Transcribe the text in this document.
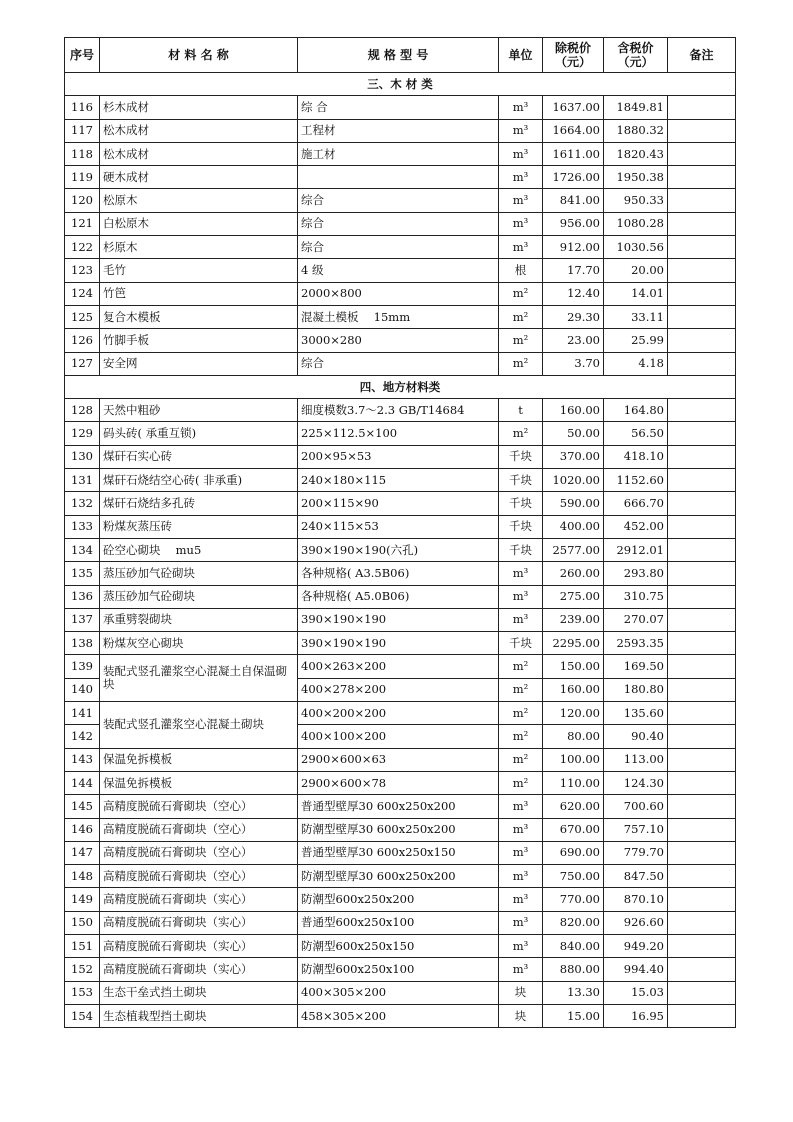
序号	材 料 名 称	规 格 型 号	单位	除税价（元）	含税价（元）	备注
三、木 材 类						
116	杉木成材	综 合	m³	1637.00	1849.81	
117	松木成材	工程材	m³	1664.00	1880.32	
118	松木成材	施工材	m³	1611.00	1820.43	
119	硬木成材		m³	1726.00	1950.38	
120	松原木	综合	m³	841.00	950.33	
121	白松原木	综合	m³	956.00	1080.28	
122	杉原木	综合	m³	912.00	1030.56	
123	毛竹	4 级	根	17.70	20.00	
124	竹笆	2000×800	m²	12.40	14.01	
125	复合木模板	混凝土模板　 15mm	m²	29.30	33.11	
126	竹脚手板	3000×280	m²	23.00	25.99	
127	安全网	综合	m²	3.70	4.18	
四、地方材料类						
128	天然中粗砂	细度模数3.7～2.3 GB/T14684	t	160.00	164.80	
129	码头砖( 承重互锁)	225×112.5×100	m²	50.00	56.50	
130	煤矸石实心砖	200×95×53	千块	370.00	418.10	
131	煤矸石烧结空心砖( 非承重)	240×180×115	千块	1020.00	1152.60	
132	煤矸石烧结多孔砖	200×115×90	千块	590.00	666.70	
133	粉煤灰蒸压砖	240×115×53	千块	400.00	452.00	
134	砼空心砌块　 mu5	390×190×190(六孔)	千块	2577.00	2912.01	
135	蒸压砂加气砼砌块	各种规格( A3.5B06)	m³	260.00	293.80	
136	蒸压砂加气砼砌块	各种规格( A5.0B06)	m³	275.00	310.75	
137	承重劈裂砌块	390×190×190	m³	239.00	270.07	
138	粉煤灰空心砌块	390×190×190	千块	2295.00	2593.35	
139	装配式竖孔灌浆空心混凝土自保温砌块	400×263×200	m²	150.00	169.50	
140		400×278×200	m²	160.00	180.80	
141	装配式竖孔灌浆空心混凝土砌块	400×200×200	m²	120.00	135.60	
142		400×100×200	m²	80.00	90.40	
143	保温免拆模板	2900×600×63	m²	100.00	113.00	
144	保温免拆模板	2900×600×78	m²	110.00	124.30	
145	高精度脱硫石膏砌块（空心）	普通型壁厚30 600x250x200	m³	620.00	700.60	
146	高精度脱硫石膏砌块（空心）	防潮型壁厚30 600x250x200	m³	670.00	757.10	
147	高精度脱硫石膏砌块（空心）	普通型壁厚30 600x250x150	m³	690.00	779.70	
148	高精度脱硫石膏砌块（空心）	防潮型壁厚30 600x250x200	m³	750.00	847.50	
149	高精度脱硫石膏砌块（实心）	防潮型600x250x200	m³	770.00	870.10	
150	高精度脱硫石膏砌块（实心）	普通型600x250x100	m³	820.00	926.60	
151	高精度脱硫石膏砌块（实心）	防潮型600x250x150	m³	840.00	949.20	
152	高精度脱硫石膏砌块（实心）	防潮型600x250x100	m³	880.00	994.40	
153	生态干垒式挡土砌块	400×305×200	块	13.30	15.03	
154	生态植栽型挡土砌块	458×305×200	块	15.00	16.95	
